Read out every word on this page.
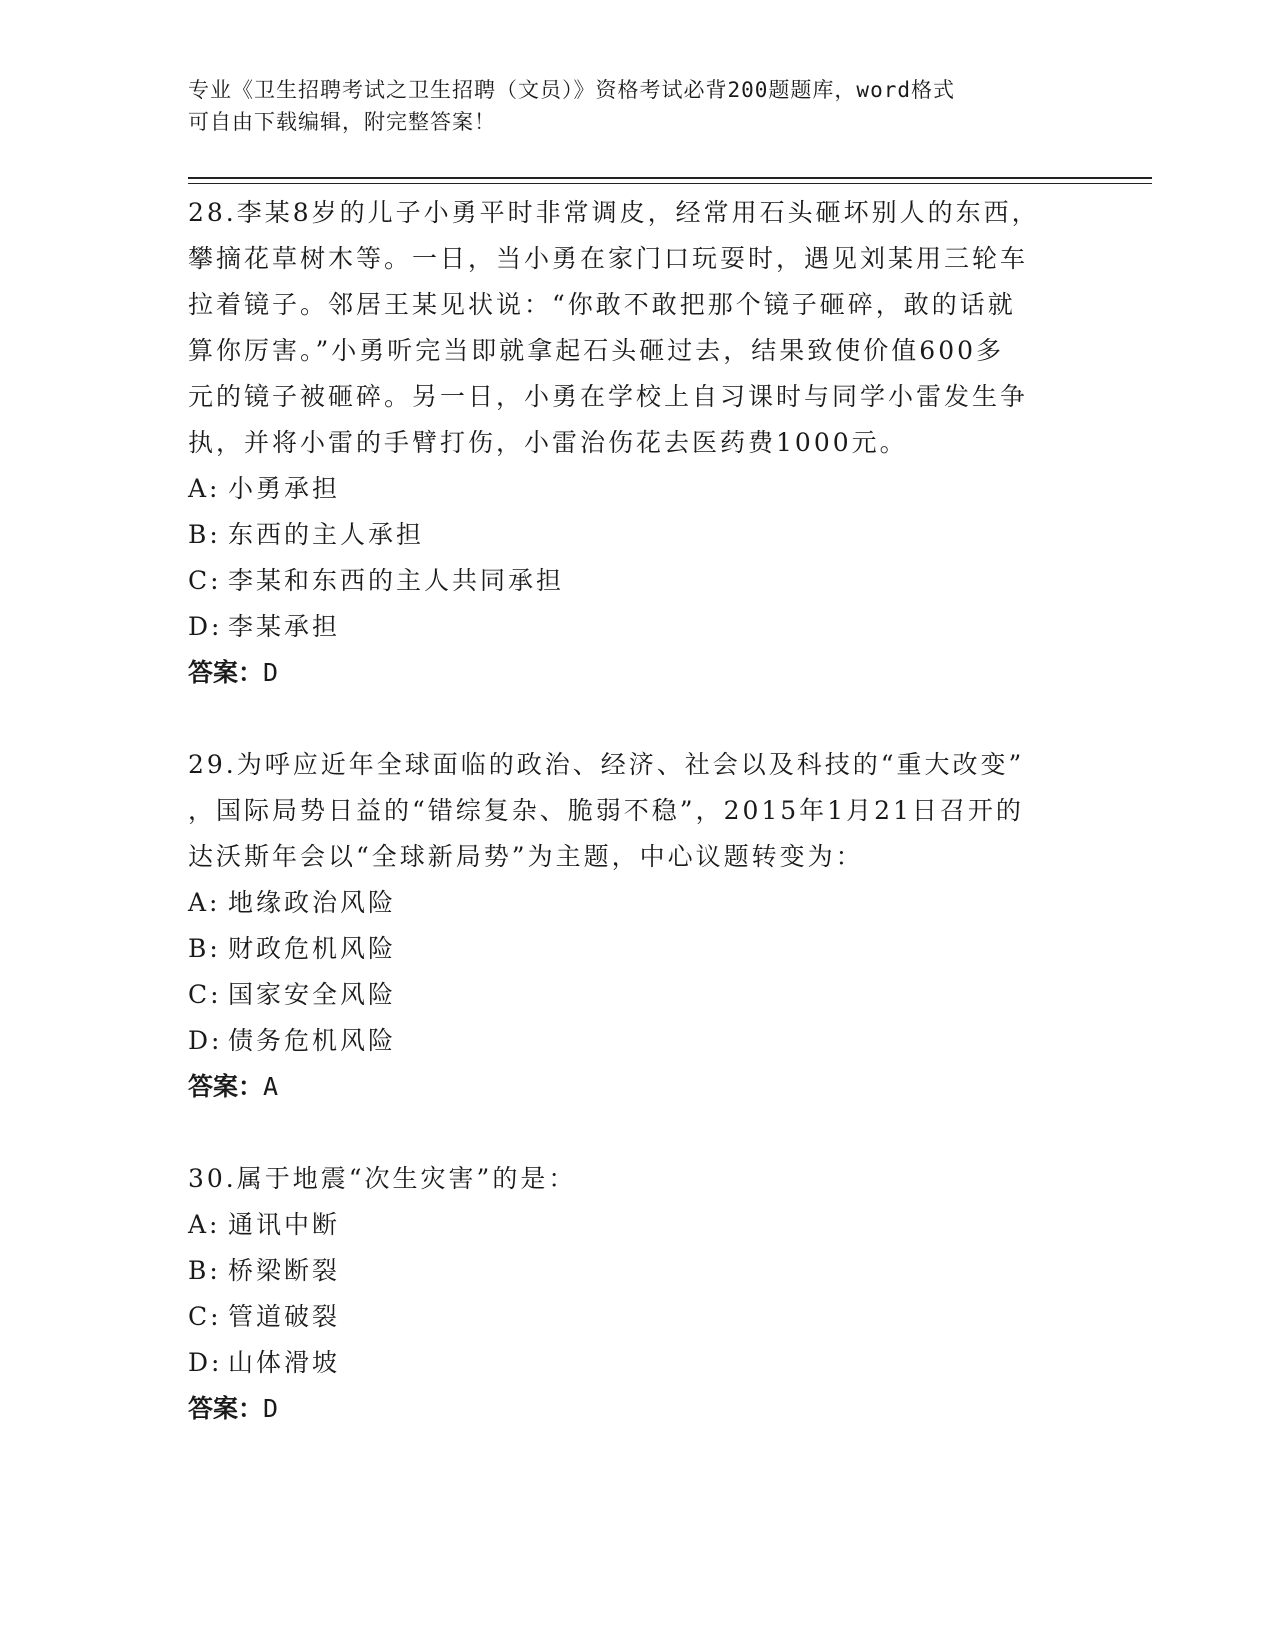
专业《卫生招聘考试之卫生招聘（文员）》资格考试必背200题题库，word格式
可自由下载编辑，附完整答案！
28.李某8岁的儿子小勇平时非常调皮，经常用石头砸坏别人的东西，
攀摘花草树木等。一日，当小勇在家门口玩耍时，遇见刘某用三轮车
拉着镜子。邻居王某见状说：“你敢不敢把那个镜子砸碎，敢的话就
算你厉害。”小勇听完当即就拿起石头砸过去，结果致使价值600多
元的镜子被砸碎。另一日，小勇在学校上自习课时与同学小雷发生争
执，并将小雷的手臂打伤，小雷治伤花去医药费1000元。
A: 小勇承担
B: 东西的主人承担
C: 李某和东西的主人共同承担
D: 李某承担
答案：D
29.为呼应近年全球面临的政治、经济、社会以及科技的“重大改变”
，国际局势日益的“错综复杂、脆弱不稳”，2015年1月21日召开的
达沃斯年会以“全球新局势”为主题，中心议题转变为：
A: 地缘政治风险
B: 财政危机风险
C: 国家安全风险
D: 债务危机风险
答案：A
30.属于地震“次生灾害”的是：
A: 通讯中断
B: 桥梁断裂
C: 管道破裂
D: 山体滑坡
答案：D
